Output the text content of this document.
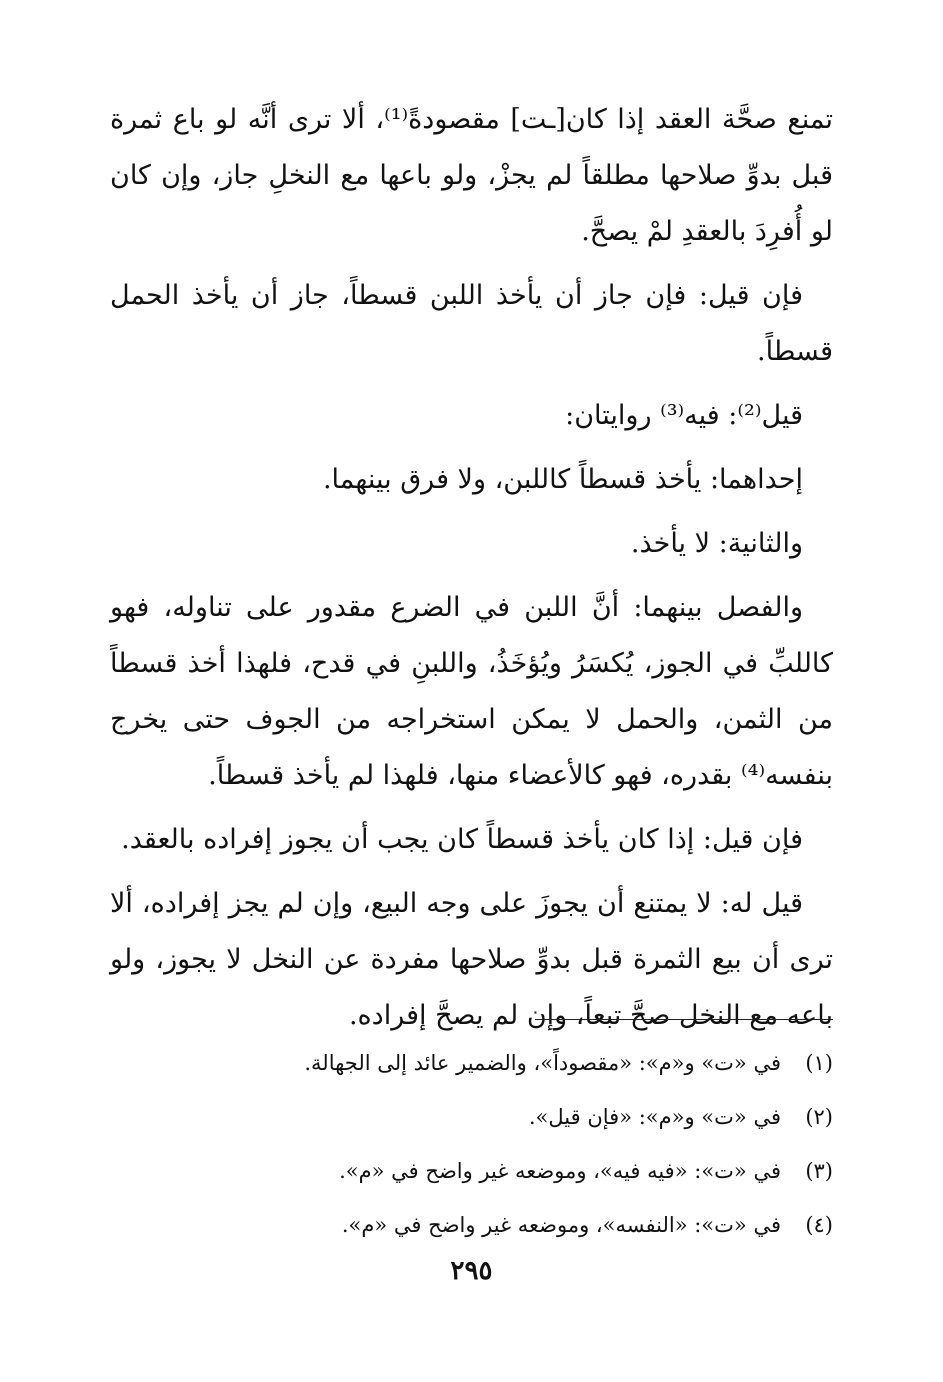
تمنع صحَّة العقد إذا كان[ـت] مقصودةً⁽¹⁾، ألا ترى أنَّه لو باع ثمرة قبل بدوِّ صلاحها مطلقاً لم يجزْ، ولو باعها مع النخلِ جاز، وإن كان لو أُفرِدَ بالعقدِ لمْ يصحَّ.

فإن قيل: فإن جاز أن يأخذ اللبن قسطاً، جاز أن يأخذ الحمل قسطاً.

قيل⁽²⁾: فيه⁽³⁾ روايتان:

إحداهما: يأخذ قسطاً كاللبن، ولا فرق بينهما.

والثانية: لا يأخذ.

والفصل بينهما: أنَّ اللبن في الضرع مقدور على تناوله، فهو كاللبِّ في الجوز، يُكسَرُ ويُؤخَذُ، واللبنِ في قدح، فلهذا أخذ قسطاً من الثمن، والحمل لا يمكن استخراجه من الجوف حتى يخرج بنفسه⁽⁴⁾ بقدره، فهو كالأعضاء منها، فلهذا لم يأخذ قسطاً.

فإن قيل: إذا كان يأخذ قسطاً كان يجب أن يجوز إفراده بالعقد.

قيل له: لا يمتنع أن يجوزَ على وجه البيع، وإن لم يجز إفراده، ألا ترى أن بيع الثمرة قبل بدوِّ صلاحها مفردة عن النخل لا يجوز، ولو باعه مع النخل صحَّ تبعاً، وإن لم يصحَّ إفراده.

(١)
في «ت» و«م»: «مقصوداً»، والضمير عائد إلى الجهالة.
(٢)
في «ت» و«م»: «فإن قيل».
(٣)
في «ت»: «فيه فيه»، وموضعه غير واضح في «م».
(٤)
في «ت»: «النفسه»، وموضعه غير واضح في «م».
٢٩٥
